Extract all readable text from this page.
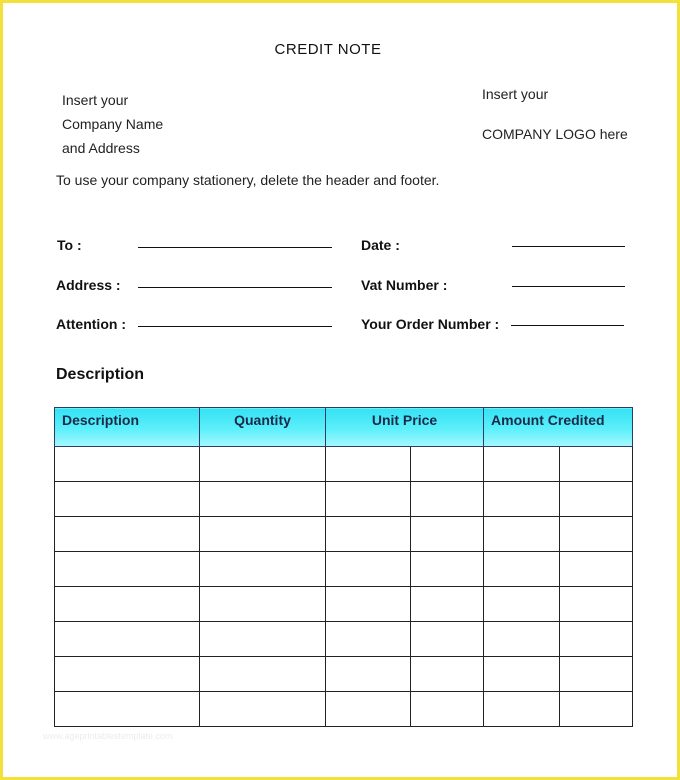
CREDIT NOTE
Insert your
Company Name
and Address
Insert your
COMPANY LOGO here
To use your company stationery, delete the header and footer.
To :	Date :
Address :	Vat Number :
Attention :	Your Order Number :
Description
Description	Quantity	Unit Price		Amount Credited	

www.ageprintablestemplate.com
